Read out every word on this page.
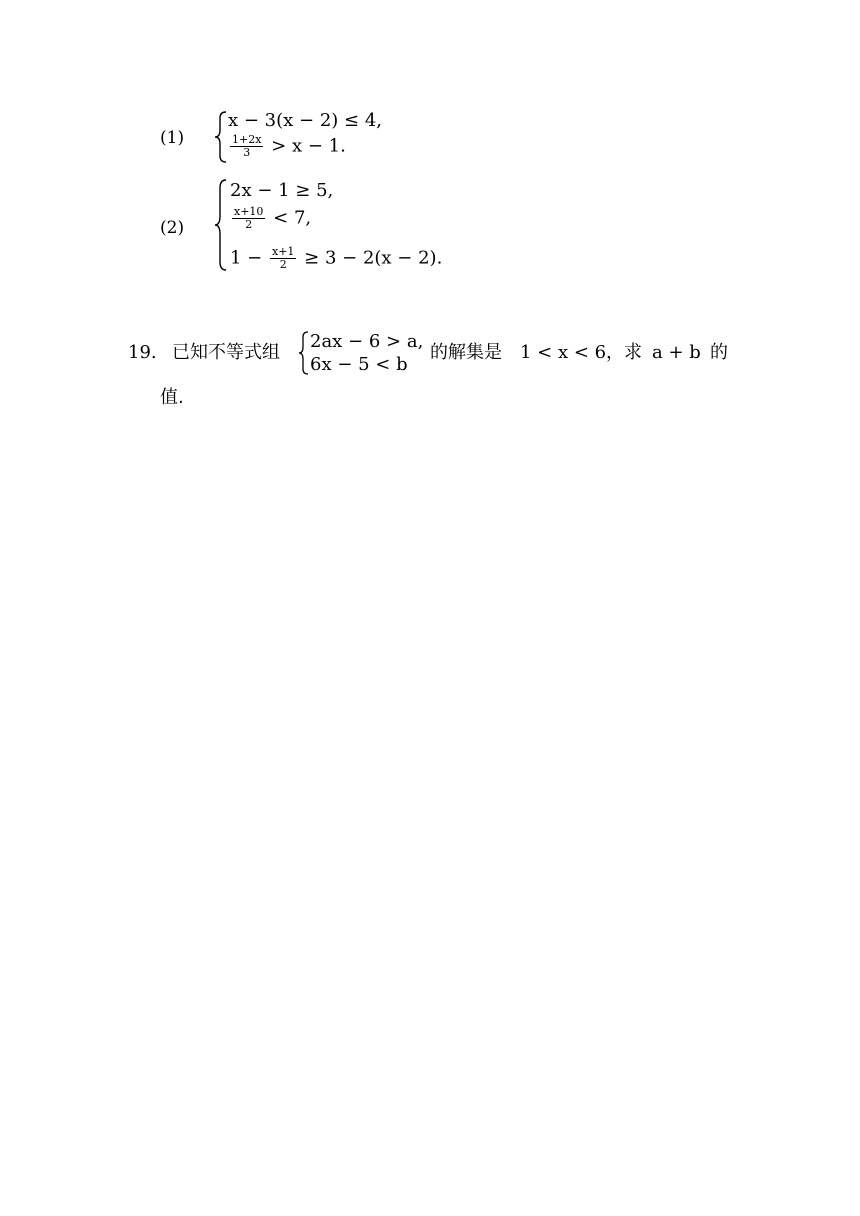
(1)
x − 3(x − 2) ≤ 4,
$\frac{1+2x}{3} > x - 1$.
(2)
2x − 1 ≥ 5,
$\frac{x+10}{2} < 7$,
$1 - \frac{x+1}{2} \ge 3 - 2(x - 2)$.
19. 已知不等式组
2ax − 6 > a,
6x − 5 < b
的解集是 1 < x < 6 ，求 a + b 的
值.
